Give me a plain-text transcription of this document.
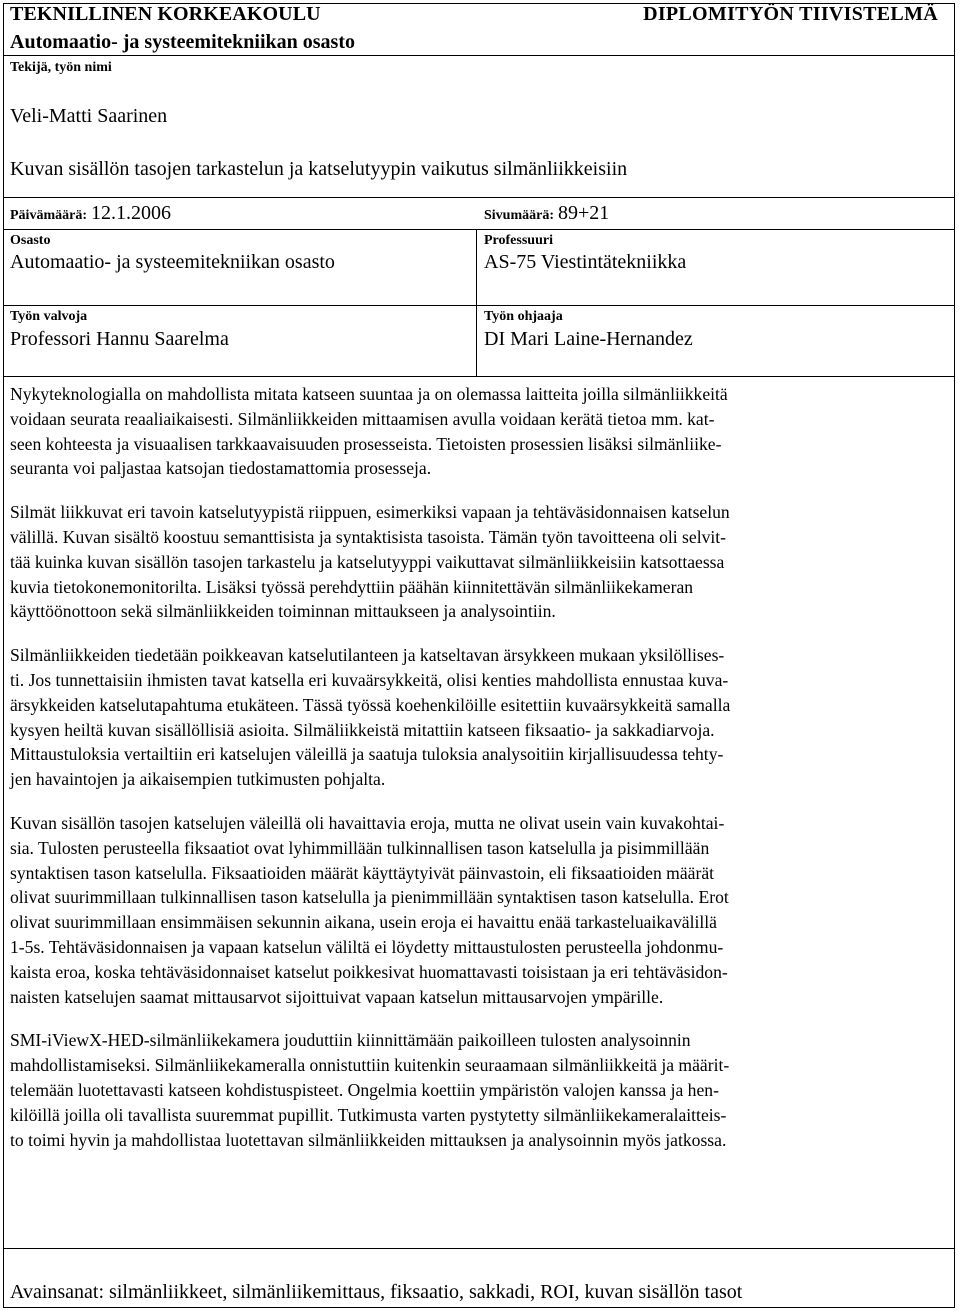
TEKNILLINEN KORKEAKOULU
Automaatio- ja systeemitekniikan osasto
DIPLOMITYÖN TIIVISTELMÄ
Tekijä, työn nimi
Veli-Matti Saarinen
Kuvan sisällön tasojen tarkastelun ja katselutyypin vaikutus silmänliikkeisiin
Päivämäärä: 12.1.2006	Sivumäärä: 89+21
Osasto
Automaatio- ja systeemitekniikan osasto
Professuuri
AS-75 Viestintätekniikka
Työn valvoja
Professori Hannu Saarelma
Työn ohjaaja
DI Mari Laine-Hernandez

Nykyteknologialla on mahdollista mitata katseen suuntaa ja on olemassa laitteita joilla silmänliikkeitä
voidaan seurata reaaliaikaisesti. Silmänliikkeiden mittaamisen avulla voidaan kerätä tietoa mm. kat-
seen kohteesta ja visuaalisen tarkkaavaisuuden prosesseista. Tietoisten prosessien lisäksi silmänliike-
seuranta voi paljastaa katsojan tiedostamattomia prosesseja.

Silmät liikkuvat eri tavoin katselutyypistä riippuen, esimerkiksi vapaan ja tehtäväsidonnaisen katselun
välillä. Kuvan sisältö koostuu semanttisista ja syntaktisista tasoista. Tämän työn tavoitteena oli selvit-
tää kuinka kuvan sisällön tasojen tarkastelu ja katselutyyppi vaikuttavat silmänliikkeisiin katsottaessa
kuvia tietokonemonitorilta. Lisäksi työssä perehdyttiin päähän kiinnitettävän silmänliikekameran
käyttöönottoon sekä silmänliikkeiden toiminnan mittaukseen ja analysointiin.

Silmänliikkeiden tiedetään poikkeavan katselutilanteen ja katseltavan ärsykkeen mukaan yksilöllises-
ti. Jos tunnettaisiin ihmisten tavat katsella eri kuvaärsykkeitä, olisi kenties mahdollista ennustaa kuva-
ärsykkeiden katselutapahtuma etukäteen. Tässä työssä koehenkilöille esitettiin kuvaärsykkeitä samalla
kysyen heiltä kuvan sisällöllisiä asioita. Silmäliikkeistä mitattiin katseen fiksaatio- ja sakkadiarvoja.
Mittaustuloksia vertailtiin eri katselujen väleillä ja saatuja tuloksia analysoitiin kirjallisuudessa tehty-
jen havaintojen ja aikaisempien tutkimusten pohjalta.

Kuvan sisällön tasojen katselujen väleillä oli havaittavia eroja, mutta ne olivat usein vain kuvakohtai-
sia. Tulosten perusteella fiksaatiot ovat lyhimmillään tulkinnallisen tason katselulla ja pisimmillään
syntaktisen tason katselulla. Fiksaatioiden määrät käyttäytyivät päinvastoin, eli fiksaatioiden määrät
olivat suurimmillaan tulkinnallisen tason katselulla ja pienimmillään syntaktisen tason katselulla. Erot
olivat suurimmillaan ensimmäisen sekunnin aikana, usein eroja ei havaittu enää tarkasteluaikavälillä
1-5s. Tehtäväsidonnaisen ja vapaan katselun väliltä ei löydetty mittaustulosten perusteella johdonmu-
kaista eroa, koska tehtäväsidonnaiset katselut poikkesivat huomattavasti toisistaan ja eri tehtäväsidon-
naisten katselujen saamat mittausarvot sijoittuivat vapaan katselun mittausarvojen ympärille.

SMI-iViewX-HED-silmänliikekamera jouduttiin kiinnittämään paikoilleen tulosten analysoinnin
mahdollistamiseksi. Silmänliikekameralla onnistuttiin kuitenkin seuraamaan silmänliikkeitä ja määrit-
telemään luotettavasti katseen kohdistuspisteet. Ongelmia koettiin ympäristön valojen kanssa ja hen-
kilöillä joilla oli tavallista suuremmat pupillit. Tutkimusta varten pystytetty silmänliikekameralaitteis-
to toimi hyvin ja mahdollistaa luotettavan silmänliikkeiden mittauksen ja analysoinnin myös jatkossa.

Avainsanat: silmänliikkeet, silmänliikemittaus, fiksaatio, sakkadi, ROI, kuvan sisällön tasot
